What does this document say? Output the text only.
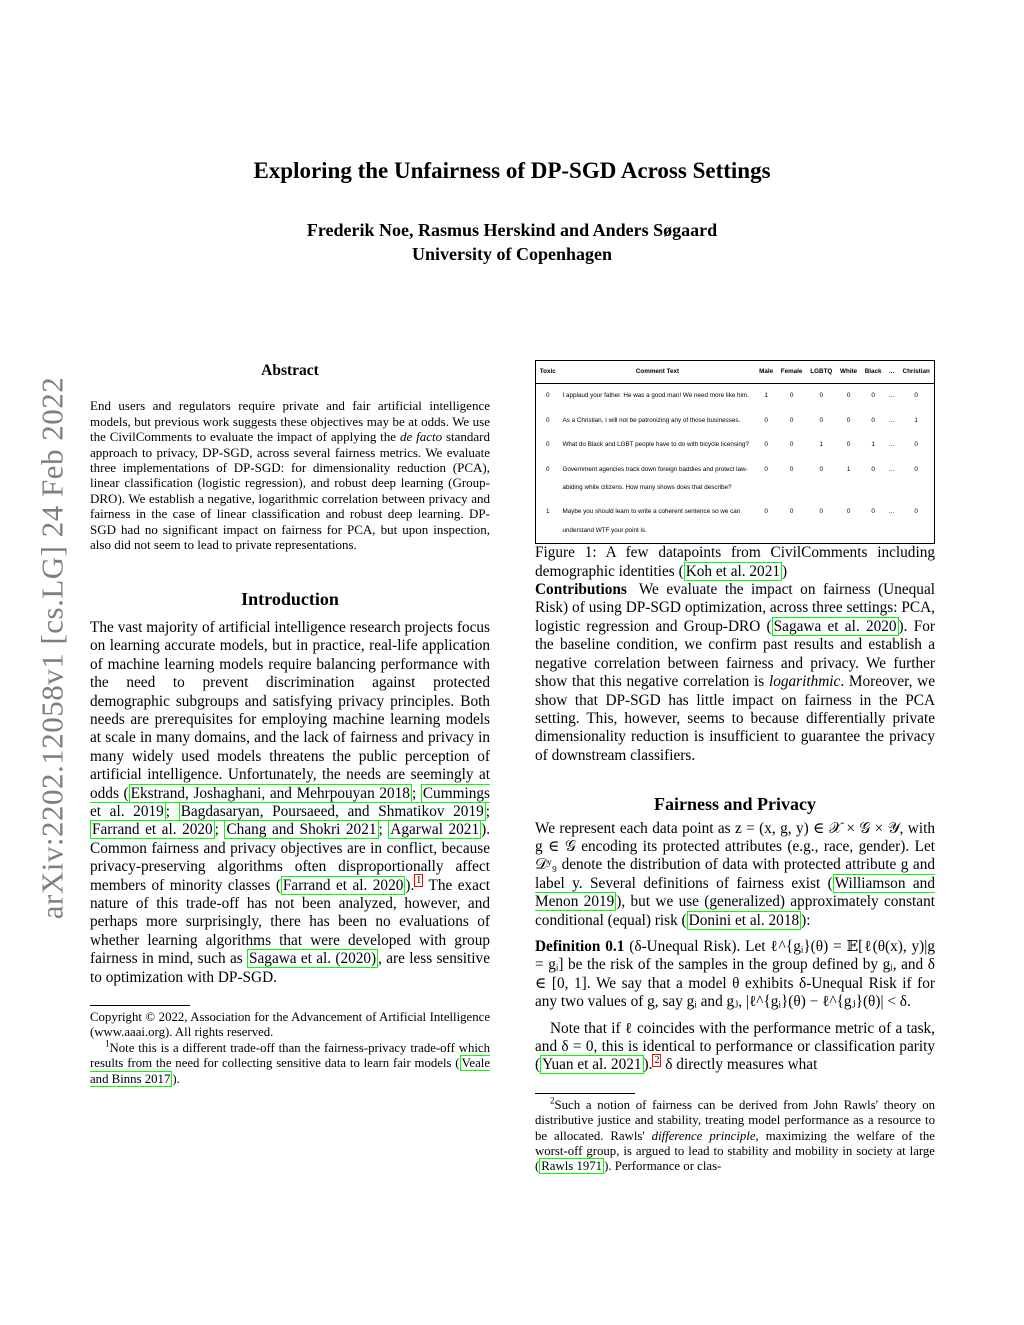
arXiv:2202.12058v1 [cs.LG] 24 Feb 2022
Exploring the Unfairness of DP-SGD Across Settings
Frederik Noe, Rasmus Herskind and Anders Søgaard
University of Copenhagen
Abstract

End users and regulators require private and fair artificial intelligence models, but previous work suggests these objectives may be at odds. We use the CivilComments to evaluate the impact of applying the de facto standard approach to privacy, DP-SGD, across several fairness metrics. We evaluate three implementations of DP-SGD: for dimensionality reduction (PCA), linear classification (logistic regression), and robust deep learning (Group-DRO). We establish a negative, logarithmic correlation between privacy and fairness in the case of linear classification and robust deep learning. DP-SGD had no significant impact on fairness for PCA, but upon inspection, also did not seem to lead to private representations.

Introduction

The vast majority of artificial intelligence research projects focus on learning accurate models, but in practice, real-life application of machine learning models require balancing performance with the need to prevent discrimination against protected demographic subgroups and satisfying privacy principles. Both needs are prerequisites for employing machine learning models at scale in many domains, and the lack of fairness and privacy in many widely used models threatens the public perception of artificial intelligence. Unfortunately, the needs are seemingly at odds ( Ekstrand, Joshaghani, and Mehrpouyan 2018 ; Cummings et al. 2019 ; Bagdasaryan, Poursaeed, and Shmatikov 2019 ; Farrand et al. 2020 ; Chang and Shokri 2021 ; Agarwal 2021 ). Common fairness and privacy objectives are in conflict, because privacy-preserving algorithms often disproportionally affect members of minority classes ( Farrand et al. 2020 ). $^1$ The exact nature of this trade-off has not been analyzed, however, and perhaps more surprisingly, there has been no evaluations of whether learning algorithms that were developed with group fairness in mind, such as Sagawa et al. (2020) , are less sensitive to optimization with DP-SGD.

Copyright © 2022, Association for the Advancement of Artificial Intelligence (www.aaai.org). All rights reserved.

$^1$Note this is a different trade-off than the fairness-privacy trade-off which results from the need for collecting sensitive data to learn fair models ( Veale and Binns 2017 ).

Toxic	Comment Text	Male	Female	LGBTQ	White	Black	…	Christian
0	I applaud your father. He was a good man! We need more like him.	1	0	0	0	0	…	0
0	As a Christian, I will not be patronizing any of those businesses.	0	0	0	0	0	…	1
0	What do Black and LGBT people have to do with bicycle licensing?	0	0	1	0	1	…	0
0	Government agencies track down foreign baddies and protect law-abiding white citizens. How many shows does that describe?	0	0	0	1	0	…	0
1	Maybe you should learn to write a coherent sentence so we can understand WTF your point is.	0	0	0	0	0	…	0

Figure 1: A few datapoints from CivilComments including demographic identities ( Koh et al. 2021 )

Contributions We evaluate the impact on fairness (Unequal Risk) of using DP-SGD optimization, across three settings: PCA, logistic regression and Group-DRO ( Sagawa et al. 2020 ). For the baseline condition, we confirm past results and establish a negative correlation between fairness and privacy. We further show that this negative correlation is logarithmic. Moreover, we show that DP-SGD has little impact on fairness in the PCA setting. This, however, seems to because differentially private dimensionality reduction is insufficient to guarantee the privacy of downstream classifiers.

Fairness and Privacy

We represent each data point as z = (x, g, y) ∈ 𝒳 × 𝒢 × 𝒴, with g ∈ 𝒢 encoding its protected attributes (e.g., race, gender). Let 𝒟ʸ₉ denote the distribution of data with protected attribute g and label y. Several definitions of fairness exist ( Williamson and Menon 2019 ), but we use (generalized) approximately constant conditional (equal) risk ( Donini et al. 2018 ):

Definition 0.1 (δ-Unequal Risk). Let ℓ^{gᵢ}(θ) = 𝔼[ℓ(θ(x), y)|g = gᵢ] be the risk of the samples in the group defined by gᵢ, and δ ∈ [0, 1]. We say that a model θ exhibits δ-Unequal Risk if for any two values of g, say gᵢ and gⱼ, |ℓ^{gᵢ}(θ) − ℓ^{gⱼ}(θ)| < δ.

Note that if ℓ coincides with the performance metric of a task, and δ = 0, this is identical to performance or classification parity ( Yuan et al. 2021 ). $^2$ δ directly measures what

$^2$Such a notion of fairness can be derived from John Rawls' theory on distributive justice and stability, treating model performance as a resource to be allocated. Rawls' difference principle, maximizing the welfare of the worst-off group, is argued to lead to stability and mobility in society at large ( Rawls 1971 ). Performance or clas-
